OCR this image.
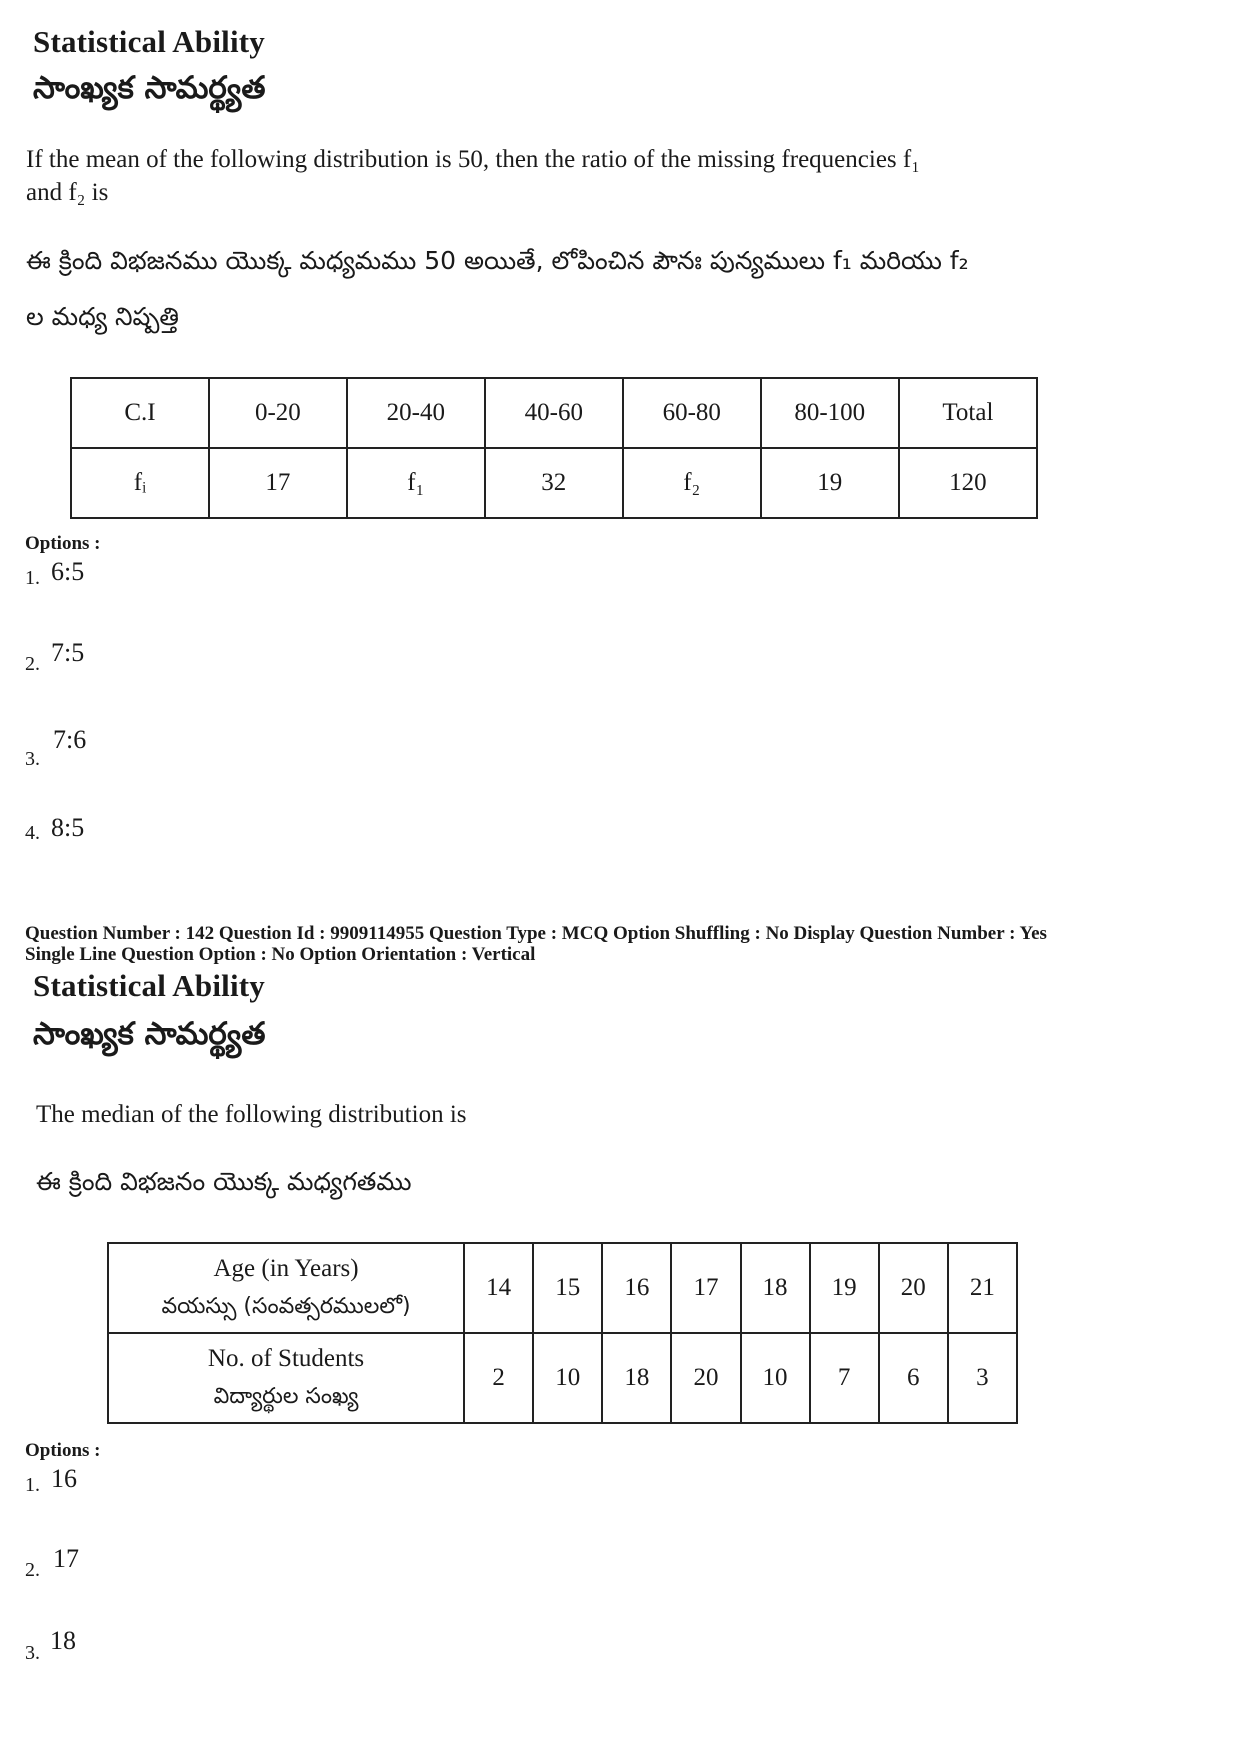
Statistical Ability
సాంఖ్యక సామర్థ్యత
If the mean of the following distribution is 50, then the ratio of the missing frequencies f₁
and f₂ is
ఈ క్రింది విభజనము యొక్క మధ్యమము 50 అయితే, లోపించిన పౌనః పున్యములు f₁ మరియు f₂
ల మధ్య నిష్పత్తి
C.I	0-20	20-40	40-60	60-80	80-100	Total
fᵢ	17	f₁	32	f₂	19	120
Options :
1. 6:5
2. 7:5
3.
7:6
4. 8:5
Question Number : 142 Question Id : 9909114955 Question Type : MCQ Option Shuffling : No Display Question Number : Yes
Single Line Question Option : No Option Orientation : Vertical
Statistical Ability
సాంఖ్యక సామర్థ్యత
The median of the following distribution is
ఈ క్రింది విభజనం యొక్క మధ్యగతము
Age (in Years)
వయస్సు (సంవత్సరములలో)	14	15	16	17	18	19	20	21

No. of Students
విద్యార్థుల సంఖ్య	2	10	18	20	10	7	6	3
Options :
1. 16
2. 17
3. 18
